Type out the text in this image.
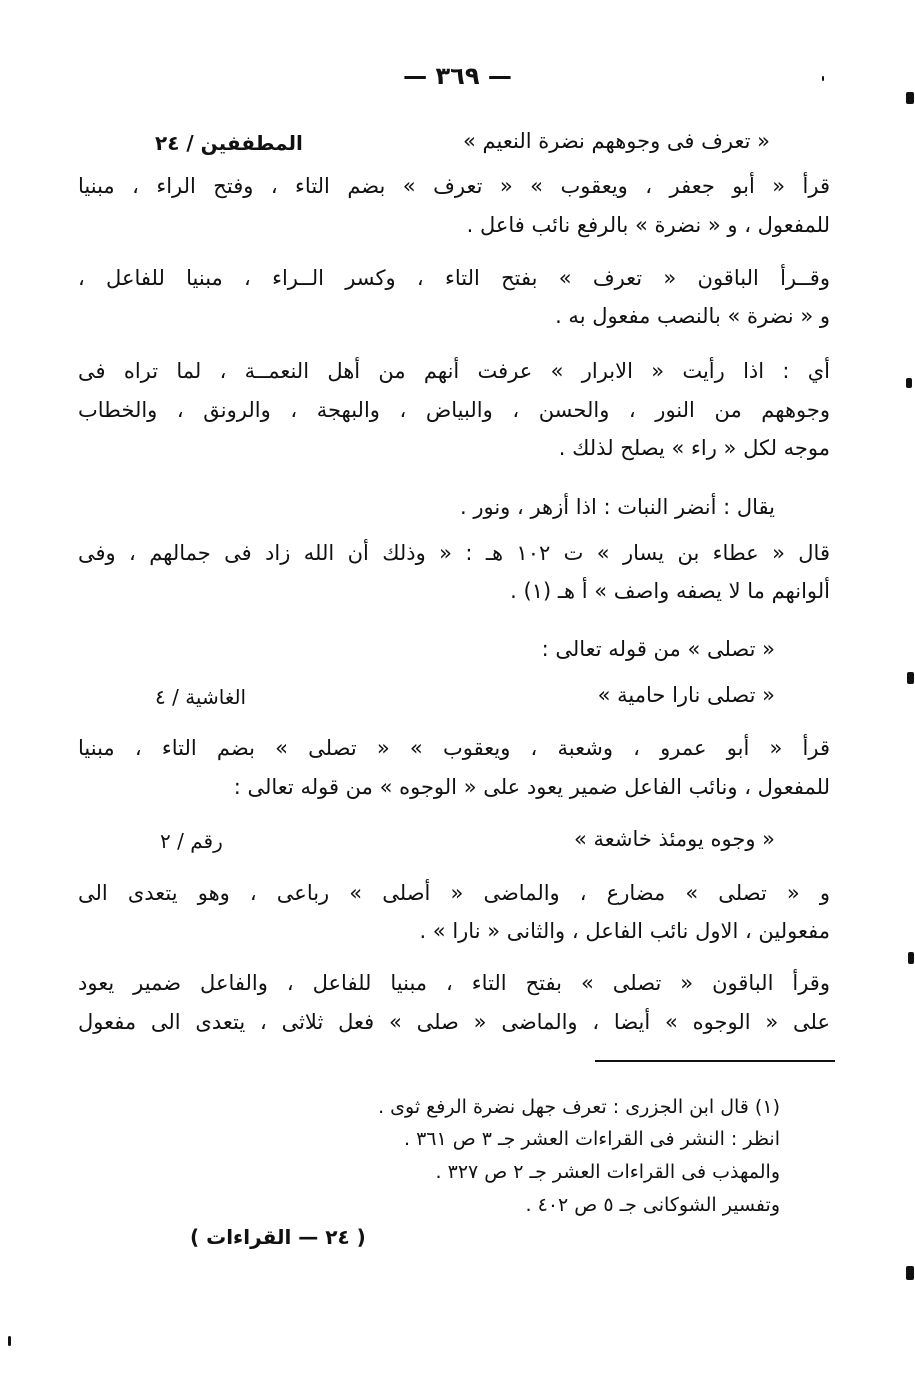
— ٣٦٩ —
« تعرف فى وجوههم نضرة النعيم »
المطففين / ٢٤
قرأ « أبو جعفر ، ويعقوب » « تعرف » بضم التاء ، وفتح الراء ، مبنيا
للمفعول ، و « نضرة » بالرفع نائب فاعل .
وقــرأ الباقون « تعرف » بفتح التاء ، وكسر الــراء ، مبنيا للفاعل ،
و « نضرة » بالنصب مفعول به .
أي : اذا رأيت « الابرار » عرفت أنهم من أهل النعمــة ، لما تراه فى
وجوههم من النور ، والحسن ، والبياض ، والبهجة ، والرونق ، والخطاب
موجه لكل « راء » يصلح لذلك .
يقال : أنضر النبات : اذا أزهر ، ونور .
قال « عطاء بن يسار » ت ١٠٢ هـ : « وذلك أن الله زاد فى جمالهم ، وفى
ألوانهم ما لا يصفه واصف » أ هـ (١) .
« تصلى » من قوله تعالى :
« تصلى نارا حامية »
الغاشية / ٤
قرأ « أبو عمرو ، وشعبة ، ويعقوب » « تصلى » بضم التاء ، مبنيا
للمفعول ، ونائب الفاعل ضمير يعود على « الوجوه » من قوله تعالى :
« وجوه يومئذ خاشعة »
رقم / ٢
و « تصلى » مضارع ، والماضى « أصلى » رباعى ، وهو يتعدى الى
مفعولين ، الاول نائب الفاعل ، والثانى « نارا » .
وقرأ الباقون « تصلى » بفتح التاء ، مبنيا للفاعل ، والفاعل ضمير يعود
على « الوجوه » أيضا ، والماضى « صلى » فعل ثلاثى ، يتعدى الى مفعول
(١) قال ابن الجزرى : تعرف جهل نضرة الرفع ثوى .
انظر : النشر فى القراءات العشر جـ ٣ ص ٣٦١ .
والمهذب فى القراءات العشر جـ ٢ ص ٣٢٧ .
وتفسير الشوكانى جـ ٥ ص ٤٠٢ .
( ٢٤ — القراءات )
